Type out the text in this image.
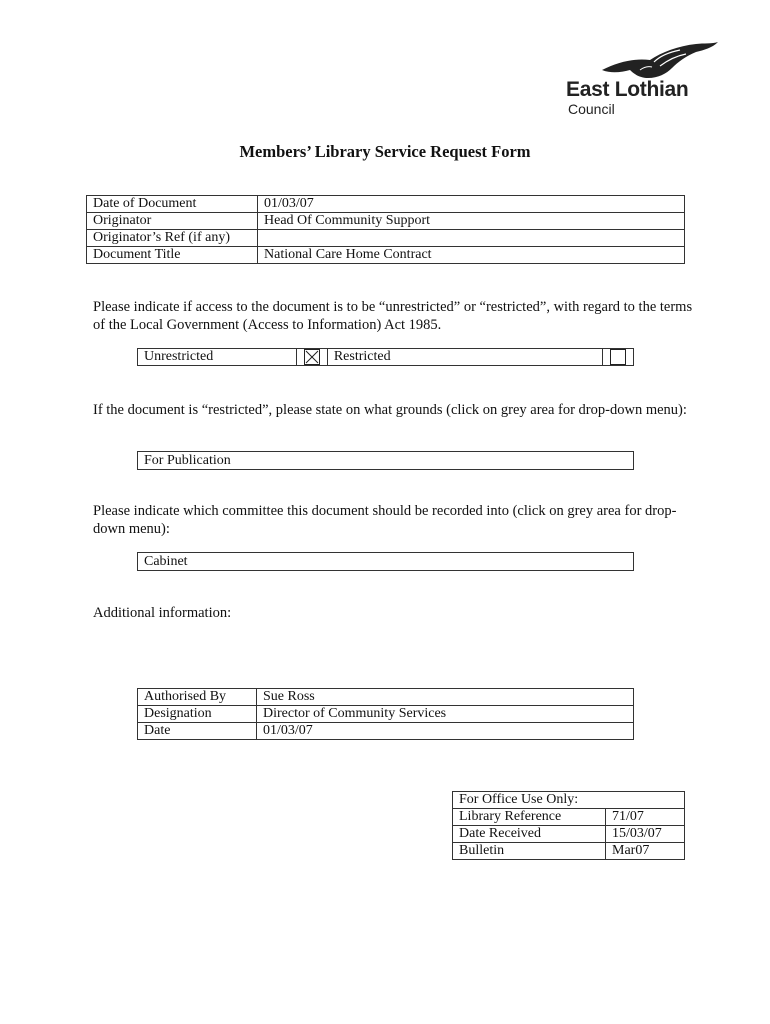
East Lothian
Council
Members’ Library Service Request Form
Date of Document	01/03/07
Originator	Head Of Community Support
Originator’s Ref (if any)	
Document Title	National Care Home Contract
Please indicate if access to the document is to be “unrestricted” or “restricted”, with regard to the terms of the Local Government (Access to Information) Act 1985.
Unrestricted		Restricted	
If the document is “restricted”, please state on what grounds (click on grey area for drop-down menu):
For Publication
Please indicate which committee this document should be recorded into (click on grey area for drop-down menu):
Cabinet
Additional information:
Authorised By	Sue Ross
Designation	Director of Community Services
Date	01/03/07
For Office Use Only:	
Library Reference	71/07
Date Received	15/03/07
Bulletin	Mar07
